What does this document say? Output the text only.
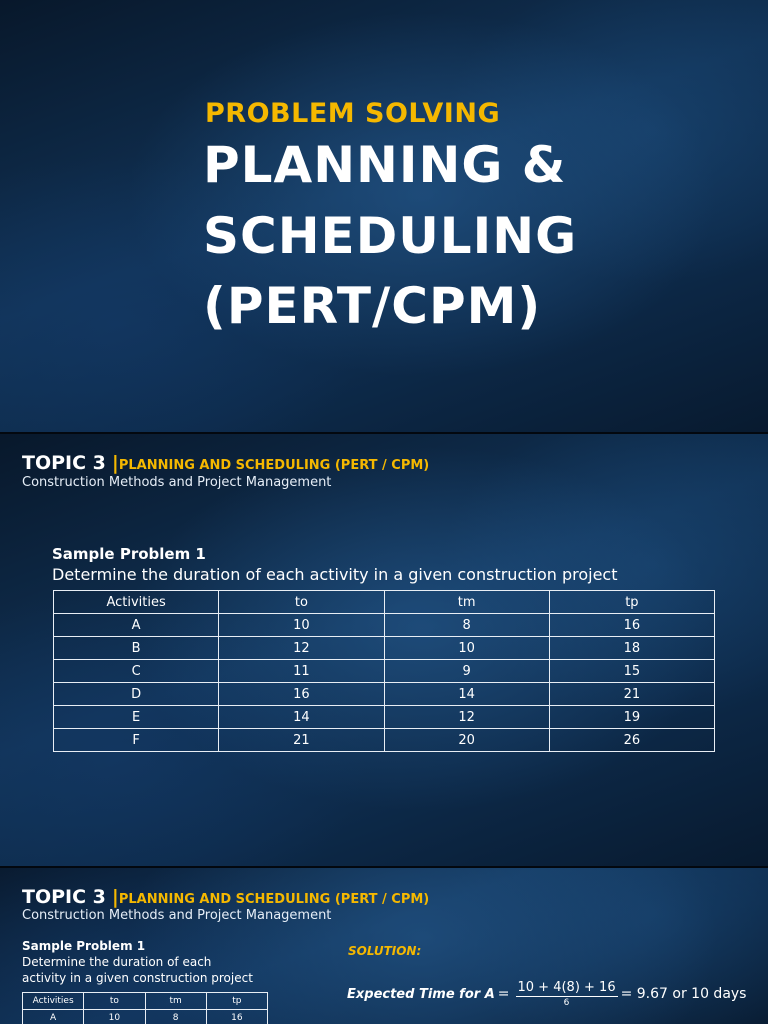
PROBLEM SOLVING
PLANNING &
SCHEDULING
(PERT/CPM)
TOPIC 3 |PLANNING AND SCHEDULING (PERT / CPM)
Construction Methods and Project Management
Sample Problem 1
Determine the duration of each activity in a given construction project
Activities	to	tm	tp
A	10	8	16
B	12	10	18
C	11	9	15
D	16	14	21
E	14	12	19
F	21	20	26
TOPIC 3 |PLANNING AND SCHEDULING (PERT / CPM)
Construction Methods and Project Management
Sample Problem 1
Determine the duration of each
activity in a given construction project
SOLUTION:
Expected Time for $A = \frac{10 + 4(8) + 16}{6} = 9.67$ or 10 days
Activities	to	tm	tp
A	10	8	16
